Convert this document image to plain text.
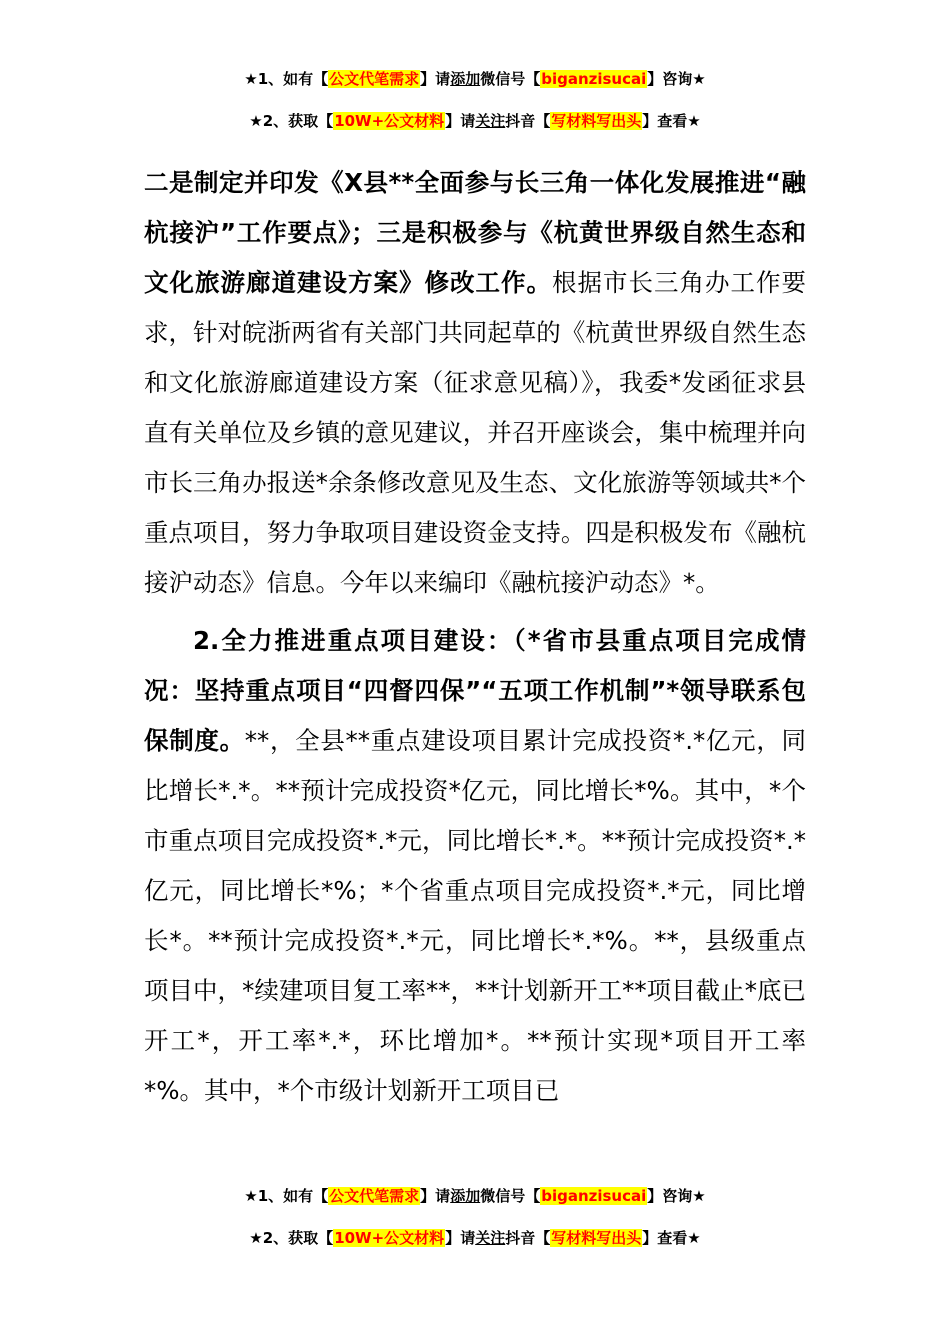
★1、如有【公文代笔需求】请添加微信号【biganzisucai】咨询★
★2、获取【10W+公文材料】请关注抖音【写材料写出头】查看★

二是制定并印发《X县**全面参与长三角一体化发展推进“融杭接沪”工作要点》；三是积极参与《杭黄世界级自然生态和文化旅游廊道建设方案》修改工作。根据市长三角办工作要求，针对皖浙两省有关部门共同起草的《杭黄世界级自然生态和文化旅游廊道建设方案（征求意见稿）》，我委*发函征求县直有关单位及乡镇的意见建议，并召开座谈会，集中梳理并向市长三角办报送*余条修改意见及生态、文化旅游等领域共*个重点项目，努力争取项目建设资金支持。四是积极发布《融杭接沪动态》信息。今年以来编印《融杭接沪动态》*。

2.全力推进重点项目建设：（*省市县重点项目完成情况：坚持重点项目“四督四保”“五项工作机制”*领导联系包保制度。**，全县**重点建设项目累计完成投资*.*亿元，同比增长*.*。**预计完成投资*亿元，同比增长*%。其中，*个市重点项目完成投资*.*元，同比增长*.*。**预计完成投资*.*亿元，同比增长*%；*个省重点项目完成投资*.*元，同比增长*。**预计完成投资*.*元，同比增长*.*%。**，县级重点项目中，*续建项目复工率**，**计划新开工**项目截止*底已开工*，开工率*.*，环比增加*。**预计实现*项目开工率*%。其中，*个市级计划新开工项目已

★1、如有【公文代笔需求】请添加微信号【biganzisucai】咨询★
★2、获取【10W+公文材料】请关注抖音【写材料写出头】查看★
